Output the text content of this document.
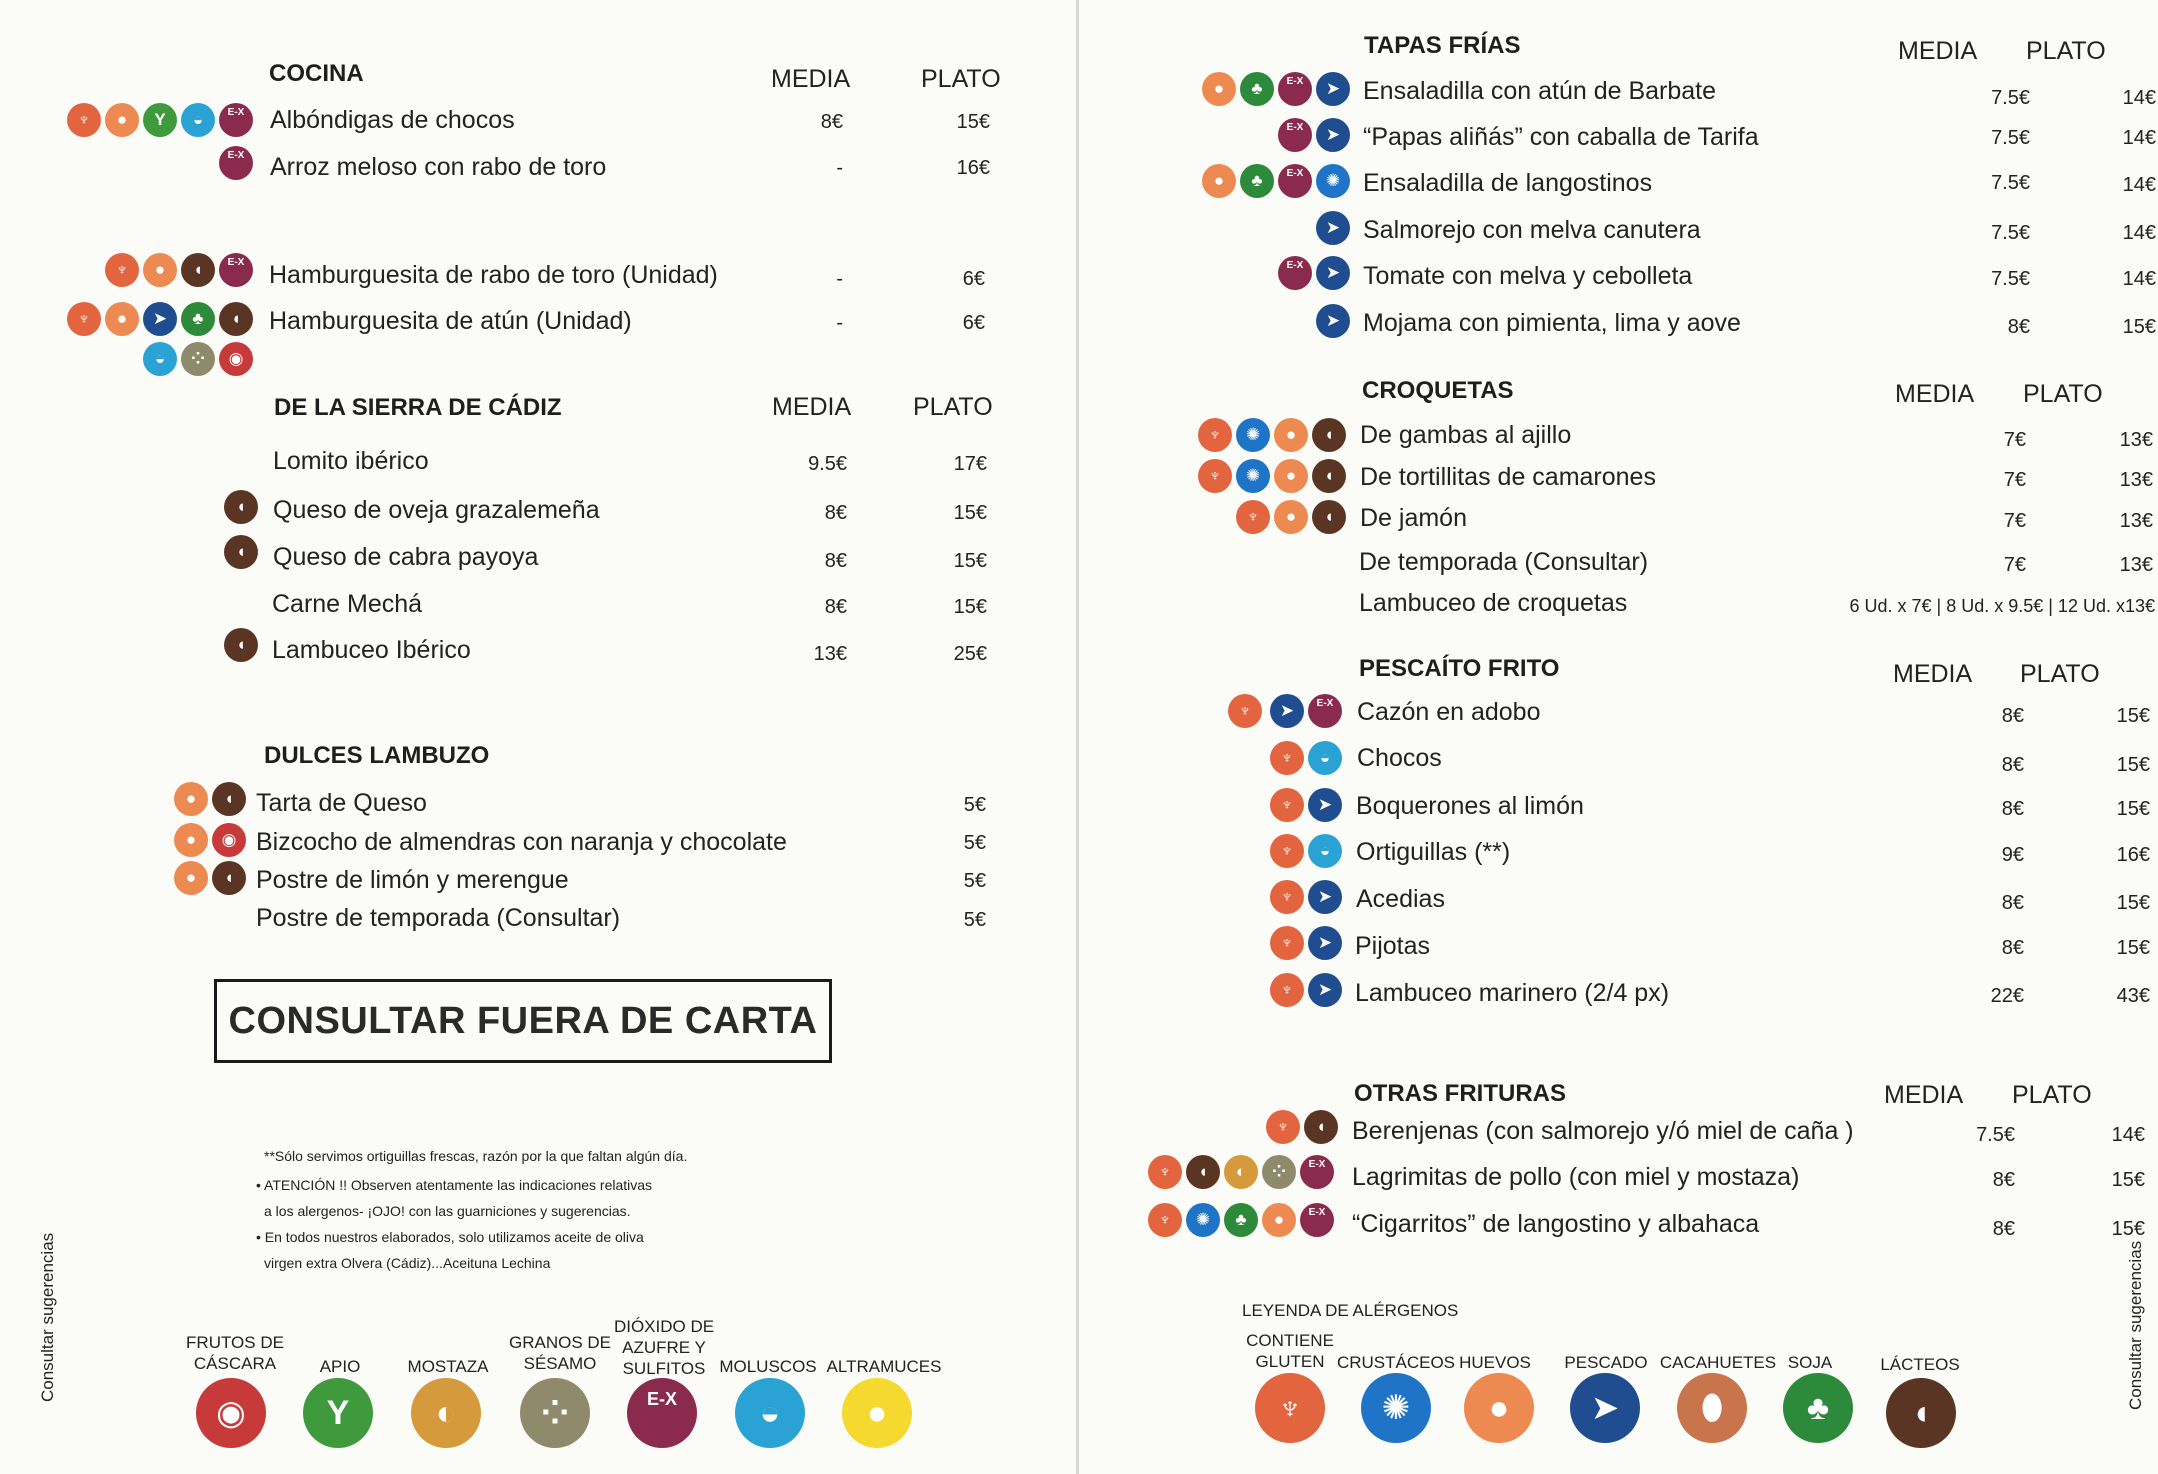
COCINA	MEDIA	PLATO
♆	●	Y	◒	E-X	Albóndigas de chocos	8€	15€
E-X	Arroz meloso con rabo de toro	-	16€
♆	●	◖	E-X Hamburguesita de rabo de toro (Unidad)	-	6€
♆	●	➤	♣	◖
◒	⁘	◉
Hamburguesita de atún (Unidad)	-	6€
DE LA SIERRA DE CÁDIZ	MEDIA PLATO
Lomito ibérico	9.5€	17€
◖	Queso de oveja grazalemeña	8€	15€
◖	Queso de cabra payoya	8€	15€
Carne Mechá	8€	15€
◖	Lambuceo Ibérico	13€	25€
DULCES LAMBUZO
●	◖ Tarta de Queso	5€
●	◉ Bizcocho de almendras con naranja y chocolate	5€
●	◖ Postre de limón y merengue	5€
Postre de temporada (Consultar)	5€
CONSULTAR FUERA DE CARTA
**Sólo servimos ortiguillas frescas, razón por la que faltan algún día.
• ATENCIÓN !! Observen atentamente las indicaciones relativas
a los alergenos- ¡OJO! con las guarniciones y sugerencias.
• En todos nuestros elaborados, solo utilizamos aceite de oliva
virgen extra Olvera (Cádiz)...Aceituna Lechina
Consultar sugerencias	FRUTOS DE CÁSCARA
◉
APIO
Y
MOSTAZA
◐
GRANOS DE SÉSAMO
⁘
DIÓXIDO DE AZUFRE Y SULFITOS
E-X
MOLUSCOS
◒
ALTRAMUCES
●
TAPAS FRÍAS	MEDIA PLATO
●	♣	E-X	➤ Ensaladilla con atún de Barbate	7.5€	14€
E-X	➤ “Papas aliñás” con caballa de Tarifa	7.5€	14€
●	♣	E-X	✺ Ensaladilla de langostinos	7.5€	14€
➤ Salmorejo con melva canutera	7.5€	14€
E-X	➤ Tomate con melva y cebolleta	7.5€	14€
➤ Mojama con pimienta, lima y aove	8€	15€
CROQUETAS	MEDIA PLATO
♆	✺	●	◖	De gambas al ajillo	7€	13€
♆	✺	●	◖	De tortillitas de camarones	7€	13€
♆	●	◖	De jamón	7€	13€
De temporada (Consultar)	7€	13€
Lambuceo de croquetas	6 Ud. x 7€ | 8 Ud. x 9.5€ | 12 Ud. x13€
PESCAÍTO FRITO	MEDIA PLATO
♆	➤	E-X Cazón en adobo	8€	15€
♆	◒	Chocos	8€	15€
♆	➤ Boquerones al limón	8€	15€
♆	◒	Ortiguillas (**)	9€	16€
♆	➤ Acedias	8€	15€
♆	➤ Pijotas	8€	15€
♆	➤ Lambuceo marinero (2/4 px)	22€	43€
OTRAS FRITURAS	MEDIA PLATO
♆	◖	Berenjenas (con salmorejo y/ó miel de caña )	7.5€	14€
♆	◖	◐	⁘	E-X	Lagrimitas de pollo (con miel y mostaza)	8€	15€
♆	✺	♣	●	E-X	“Cigarritos” de langostino y albahaca	8€	15€
LEYENDA DE ALÉRGENOS
CONTIENE GLUTEN
♆
CRUSTÁCEOS
✺
HUEVOS
●
PESCADO
➤
CACAHUETES
⬮
SOJA
♣
LÁCTEOS
◖
Consultar sugerencias
